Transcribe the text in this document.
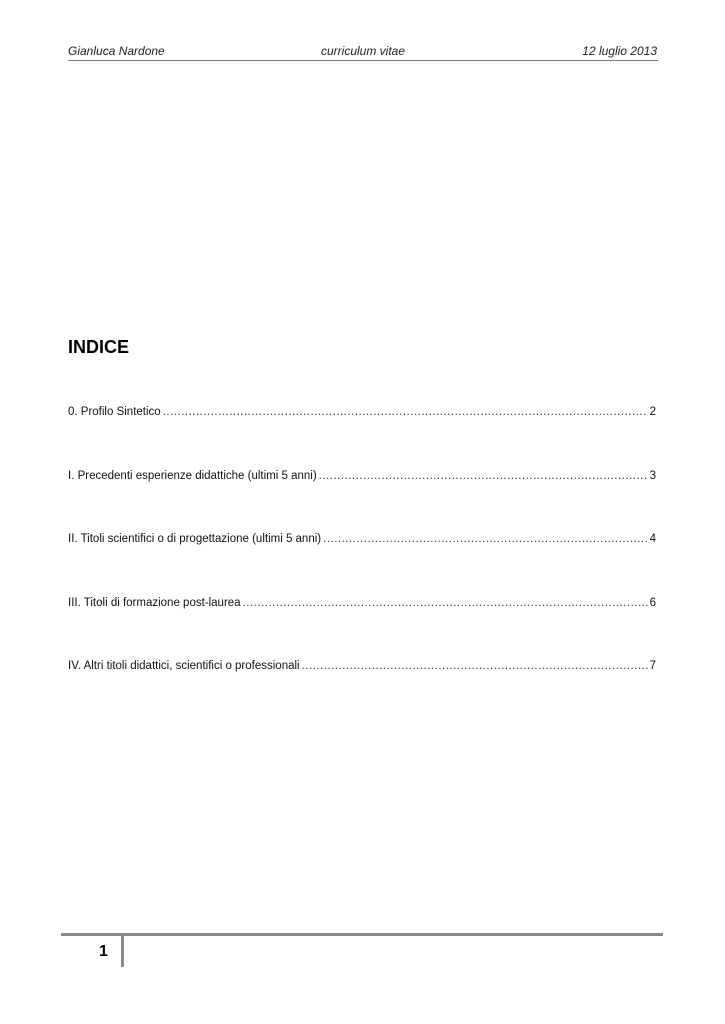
Gianluca Nardone	curriculum vitae	12 luglio 2013
INDICE
0. Profilo Sintetico .....	2
I. Precedenti esperienze didattiche (ultimi 5 anni) .....	3
II. Titoli scientifici o di progettazione (ultimi 5 anni) .....	4
III. Titoli di formazione post-laurea .....	6
IV. Altri titoli didattici, scientifici o professionali .....	7
1
